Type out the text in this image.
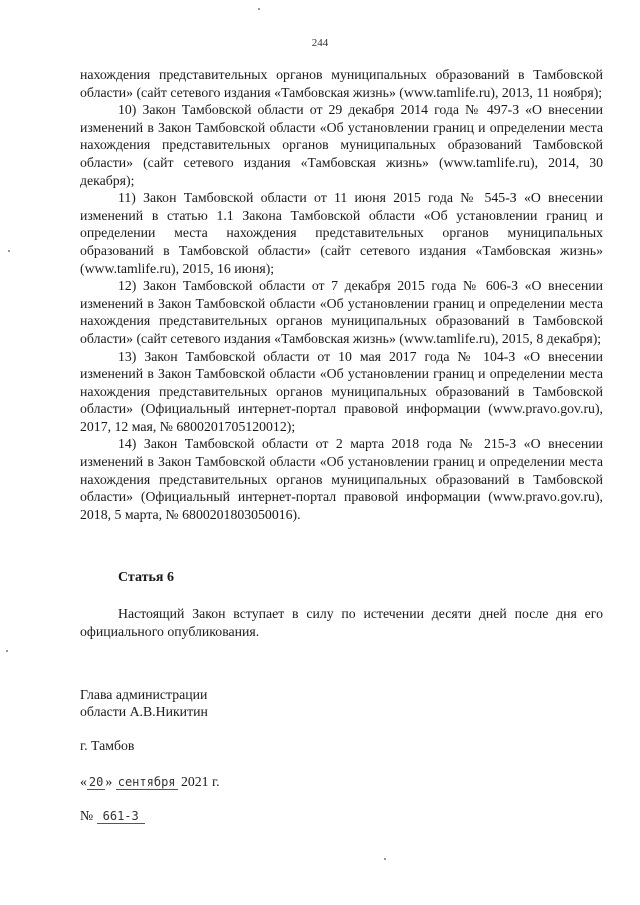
244

нахождения представительных органов муниципальных образований в Тамбовской области» (сайт сетевого издания «Тамбовская жизнь» (www.tamlife.ru), 2013, 11 ноября);

10) Закон Тамбовской области от 29 декабря 2014 года № 497-З «О внесении изменений в Закон Тамбовской области «Об установлении границ и определении места нахождения представительных органов муниципальных образований Тамбовской области» (сайт сетевого издания «Тамбовская жизнь» (www.tamlife.ru), 2014, 30 декабря);

11) Закон Тамбовской области от 11 июня 2015 года № 545-З «О внесении изменений в статью 1.1 Закона Тамбовской области «Об установлении границ и определении места нахождения представительных органов муниципальных образований в Тамбовской области» (сайт сетевого издания «Тамбовская жизнь» (www.tamlife.ru), 2015, 16 июня);

12) Закон Тамбовской области от 7 декабря 2015 года № 606-З «О внесении изменений в Закон Тамбовской области «Об установлении границ и определении места нахождения представительных органов муниципальных образований в Тамбовской области» (сайт сетевого издания «Тамбовская жизнь» (www.tamlife.ru), 2015, 8 декабря);

13) Закон Тамбовской области от 10 мая 2017 года № 104-З «О внесении изменений в Закон Тамбовской области «Об установлении границ и определении места нахождения представительных органов муниципальных образований в Тамбовской области» (Официальный интернет-портал правовой информации (www.pravo.gov.ru), 2017, 12 мая, № 6800201705120012);

14) Закон Тамбовской области от 2 марта 2018 года № 215-З «О внесении изменений в Закон Тамбовской области «Об установлении границ и определении места нахождения представительных органов муниципальных образований в Тамбовской области» (Официальный интернет-портал правовой информации (www.pravo.gov.ru), 2018, 5 марта, № 6800201803050016).

Статья 6
Настоящий Закон вступает в силу по истечении десяти дней после дня его официального опубликования.
Глава администрации
области А.В.Никитин
г. Тамбов
« 20 » сентября 2021 г.
№ 661-З
